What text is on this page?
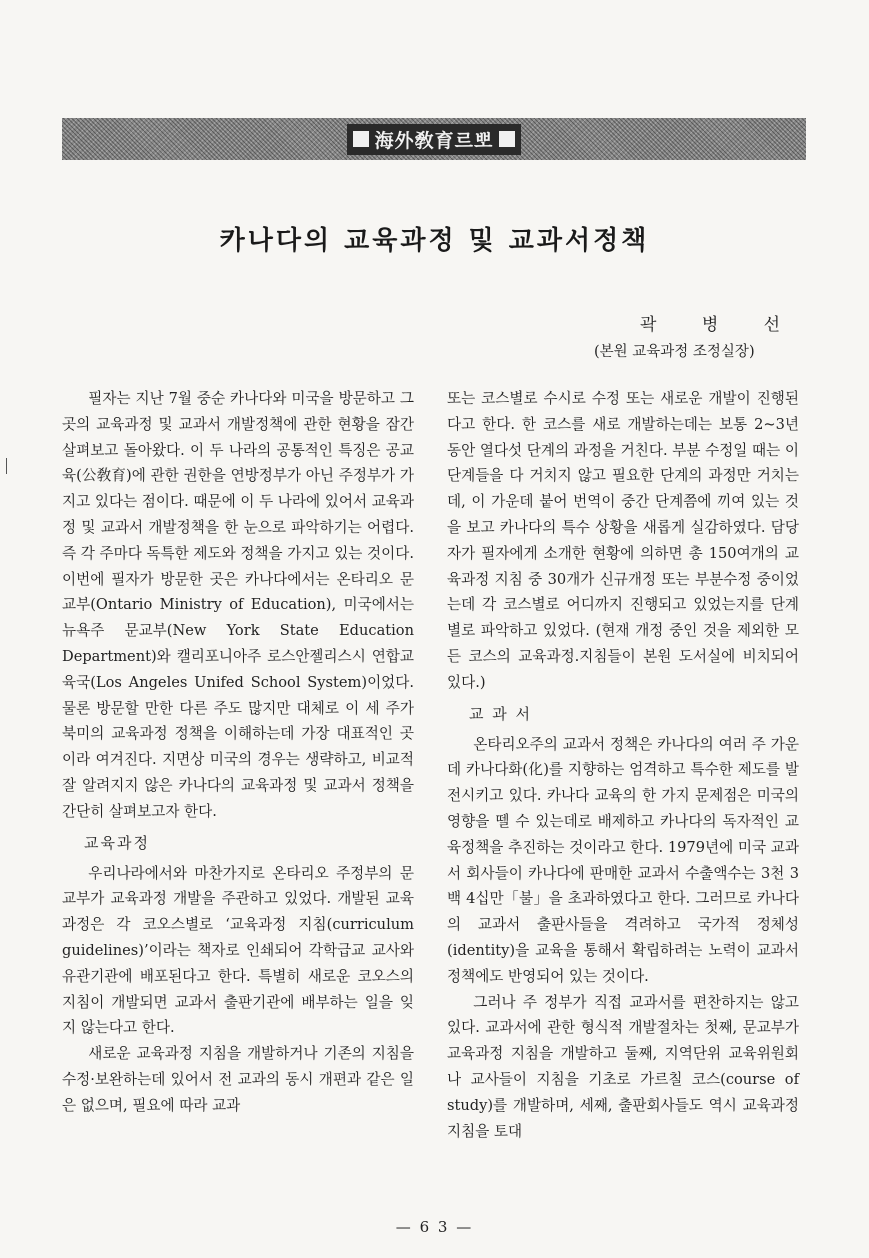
海外敎育르뽀
카나다의 교육과정 및 교과서정책
곽 병 선
(본원 교육과정 조정실장)

필자는 지난 7월 중순 카나다와 미국을 방문하고 그 곳의 교육과정 및 교과서 개발정책에 관한 현황을 잠간 살펴보고 돌아왔다. 이 두 나라의 공통적인 특징은 공교육(公敎育)에 관한 권한을 연방정부가 아닌 주정부가 가지고 있다는 점이다. 때문에 이 두 나라에 있어서 교육과정 및 교과서 개발정책을 한 눈으로 파악하기는 어렵다. 즉 각 주마다 독특한 제도와 정책을 가지고 있는 것이다. 이번에 필자가 방문한 곳은 카나다에서는 온타리오 문교부(Ontario Ministry of Education), 미국에서는 뉴욕주 문교부(New York State Education Department)와 캘리포니아주 로스안젤리스시 연합교육국(Los Angeles Unifed School System)이었다. 물론 방문할 만한 다른 주도 많지만 대체로 이 세 주가 북미의 교육과정 정책을 이해하는데 가장 대표적인 곳이라 여겨진다. 지면상 미국의 경우는 생략하고, 비교적 잘 알려지지 않은 카나다의 교육과정 및 교과서 정책을 간단히 살펴보고자 한다.

교육과정

우리나라에서와 마찬가지로 온타리오 주정부의 문교부가 교육과정 개발을 주관하고 있었다. 개발된 교육과정은 각 코오스별로 ‘교육과정 지침(curriculum guidelines)’이라는 책자로 인쇄되어 각학급교 교사와 유관기관에 배포된다고 한다. 특별히 새로운 코오스의 지침이 개발되면 교과서 출판기관에 배부하는 일을 잊지 않는다고 한다.

새로운 교육과정 지침을 개발하거나 기존의 지침을 수정·보완하는데 있어서 전 교과의 동시 개편과 같은 일은 없으며, 필요에 따라 교과

또는 코스별로 수시로 수정 또는 새로운 개발이 진행된다고 한다. 한 코스를 새로 개발하는데는 보통 2~3년 동안 열다섯 단계의 과정을 거친다. 부분 수정일 때는 이 단계들을 다 거치지 않고 필요한 단계의 과정만 거치는데, 이 가운데 붙어 번역이 중간 단계쯤에 끼여 있는 것을 보고 카나다의 특수 상황을 새롭게 실감하였다. 담당자가 필자에게 소개한 현황에 의하면 총 150여개의 교육과정 지침 중 30개가 신규개정 또는 부분수정 중이었는데 각 코스별로 어디까지 진행되고 있었는지를 단계별로 파악하고 있었다. (현재 개정 중인 것을 제외한 모든 코스의 교육과정.지침들이 본원 도서실에 비치되어 있다.)

교 과 서

온타리오주의 교과서 정책은 카나다의 여러 주 가운데 카나다화(化)를 지향하는 엄격하고 특수한 제도를 발전시키고 있다. 카나다 교육의 한 가지 문제점은 미국의 영향을 뗄 수 있는데로 배제하고 카나다의 독자적인 교육정책을 추진하는 것이라고 한다. 1979년에 미국 교과서 회사들이 카나다에 판매한 교과서 수출액수는 3천 3백 4십만「불」을 초과하였다고 한다. 그러므로 카나다의 교과서 출판사들을 격려하고 국가적 정체성(identity)을 교육을 통해서 확립하려는 노력이 교과서 정책에도 반영되어 있는 것이다.

그러나 주 정부가 직접 교과서를 편찬하지는 않고 있다. 교과서에 관한 형식적 개발절차는 첫째, 문교부가 교육과정 지침을 개발하고 둘째, 지역단위 교육위원회나 교사들이 지침을 기초로 가르칠 코스(course of study)를 개발하며, 세째, 출판회사들도 역시 교육과정 지침을 토대

— 6 3 —
